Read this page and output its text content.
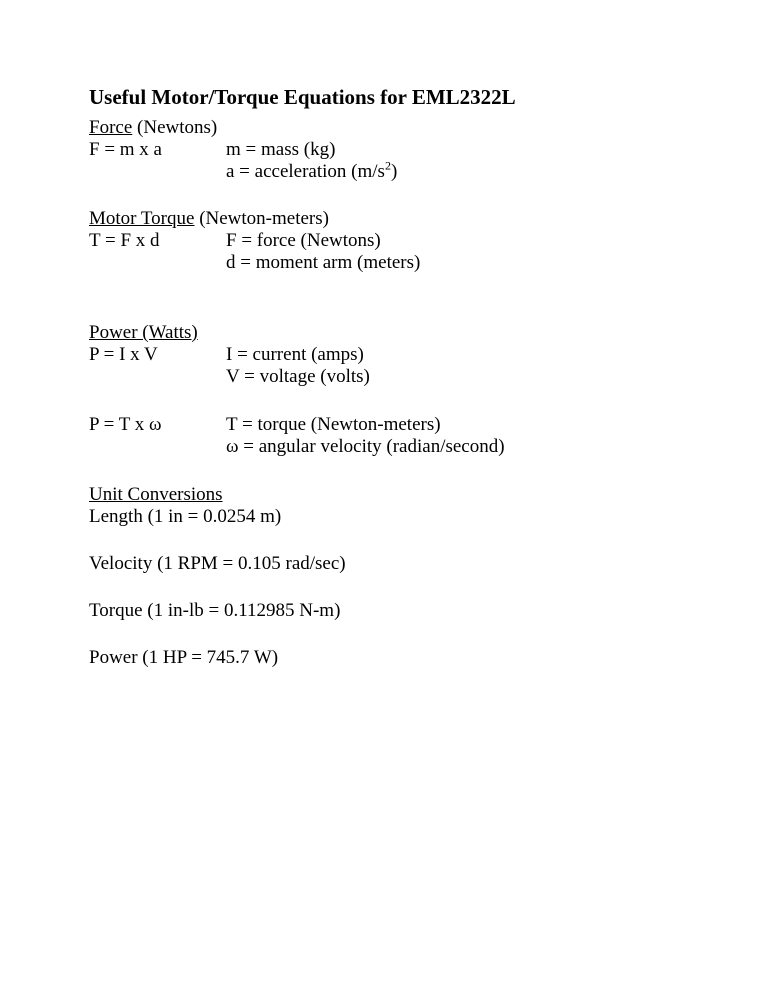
Useful Motor/Torque Equations for EML2322L
Force (Newtons)
F = m x a	m = mass (kg)
a = acceleration $(m/s^2)$
Motor Torque (Newton-meters)
T = F x d	F = force (Newtons)
d = moment arm (meters)
Power (Watts)
P = I x V	I = current (amps)
V = voltage (volts)
P = T x ω	T = torque (Newton-meters)
ω = angular velocity (radian/second)
Unit Conversions
Length (1 in = 0.0254 m)
Velocity (1 RPM = 0.105 rad/sec)
Torque (1 in-lb = 0.112985 N-m)
Power (1 HP = 745.7 W)
